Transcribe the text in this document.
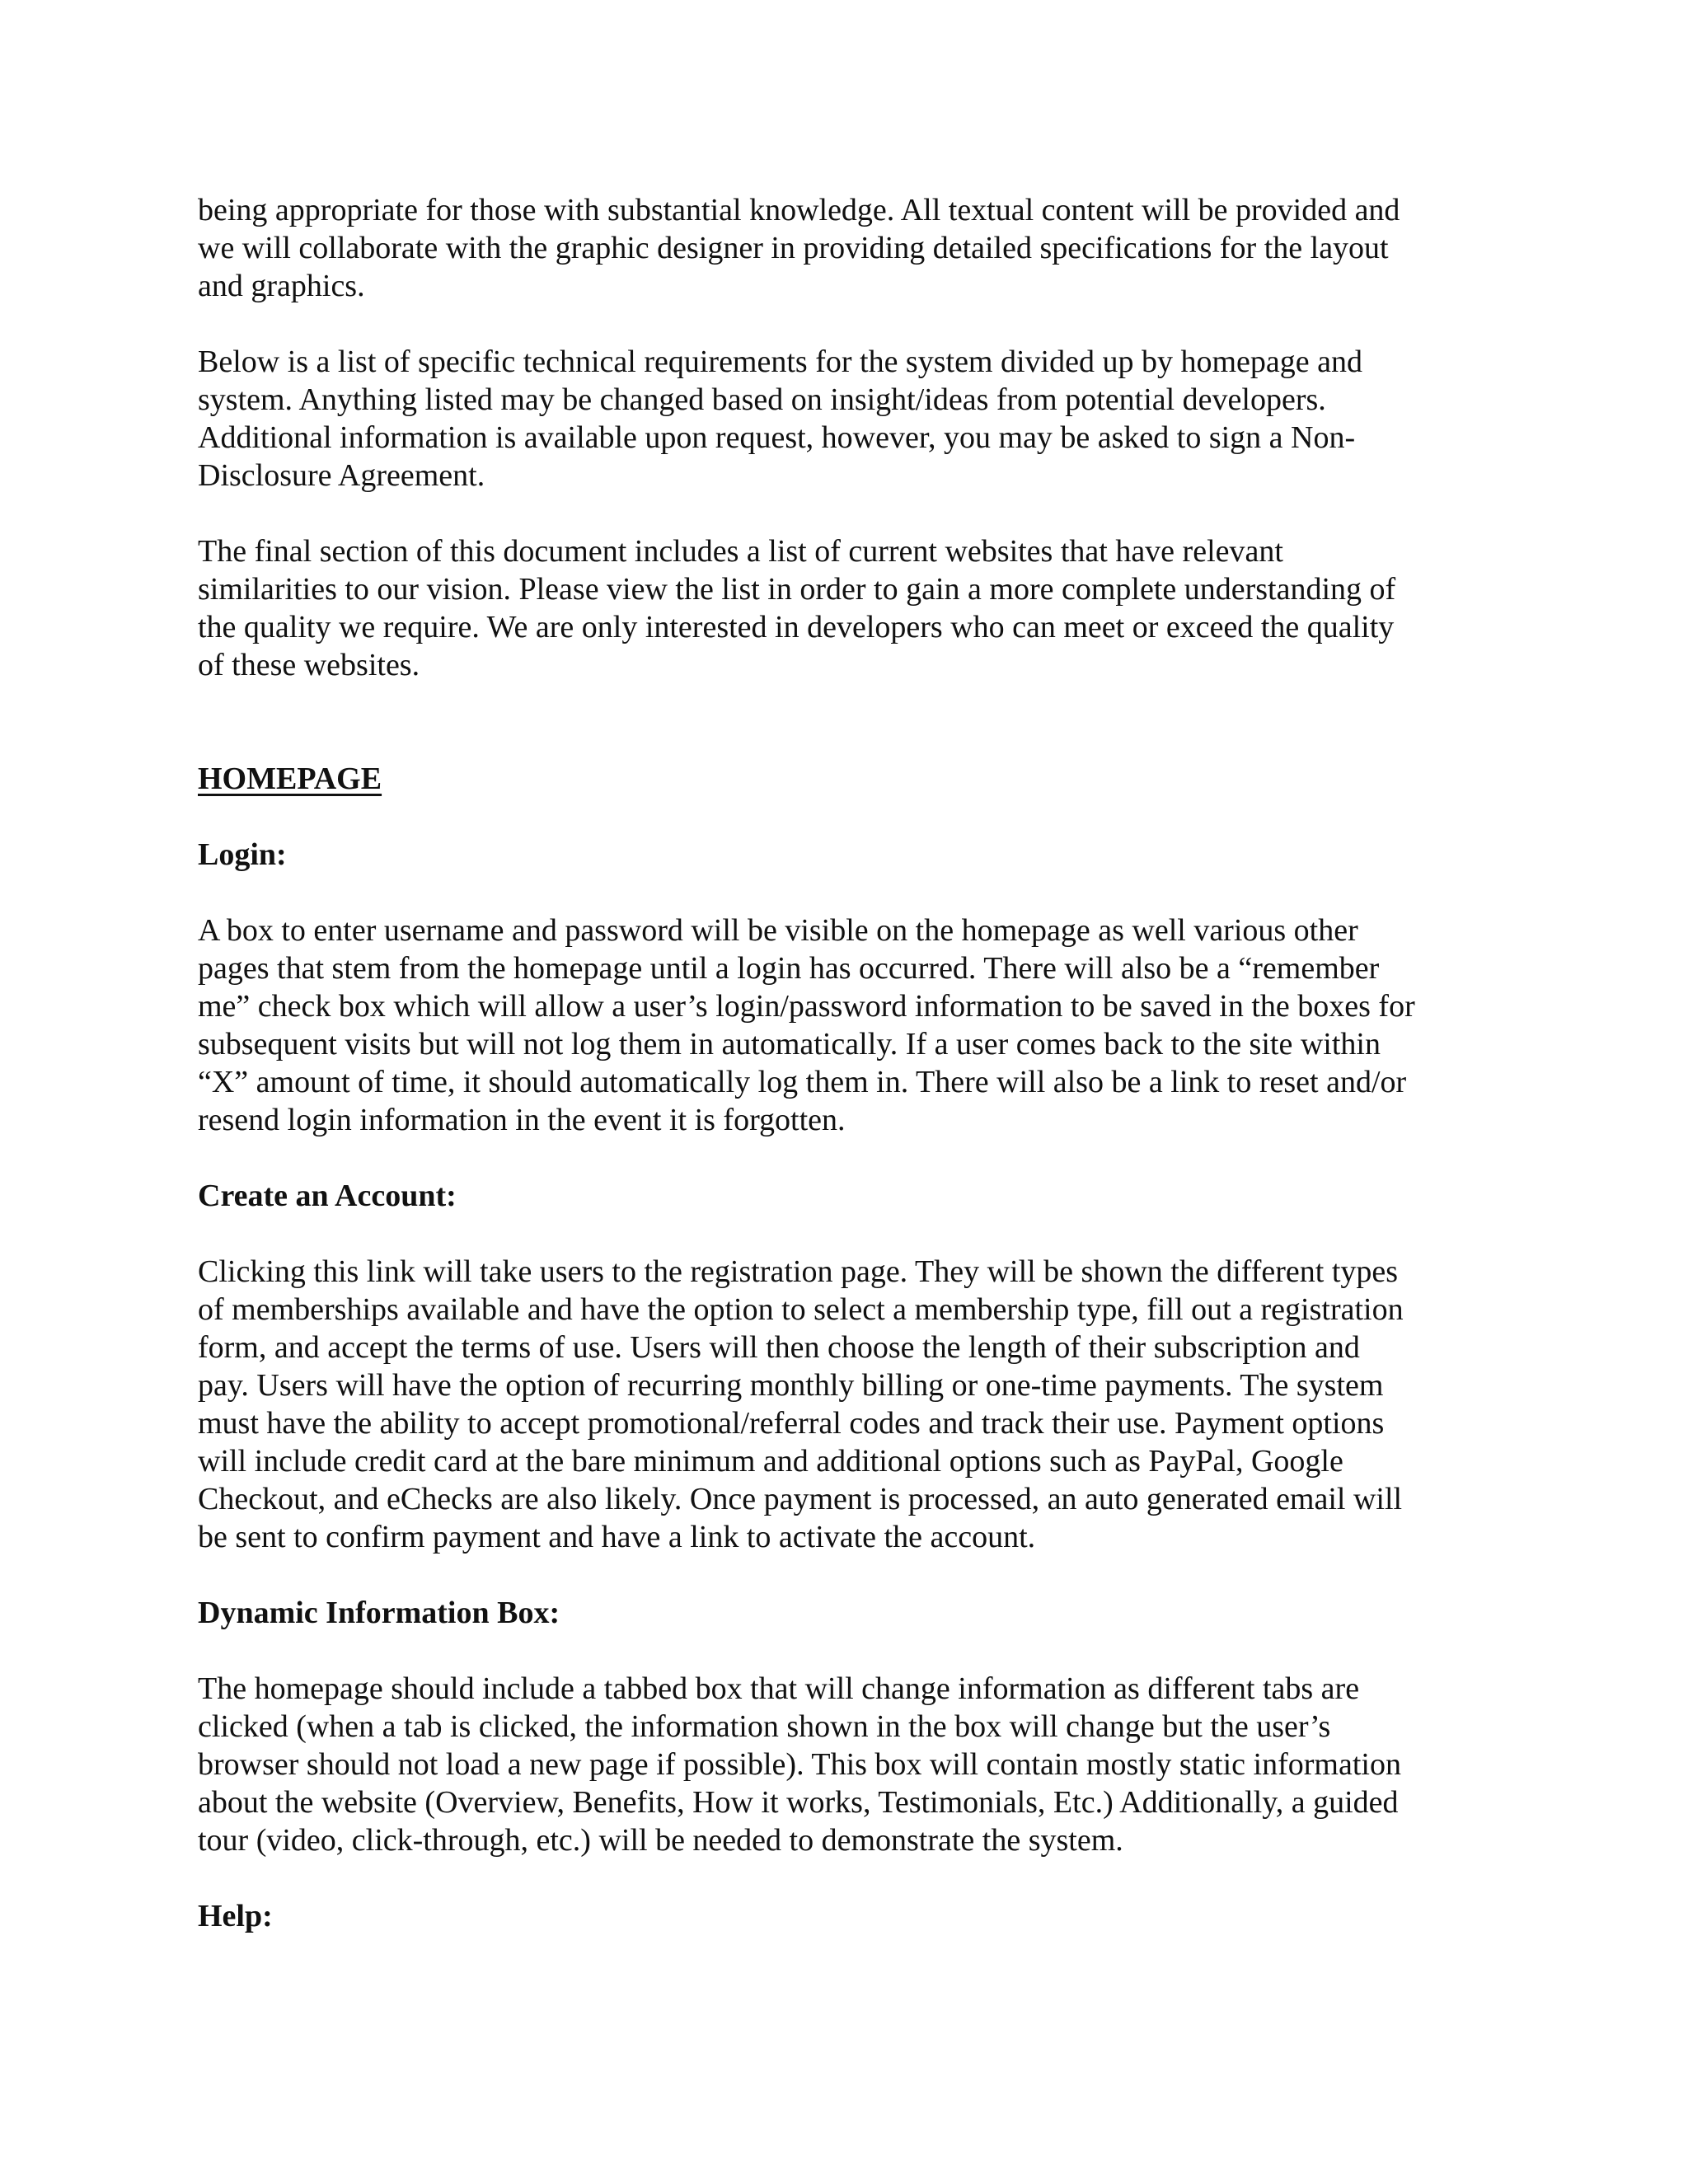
being appropriate for those with substantial knowledge. All textual content will be provided and
we will collaborate with the graphic designer in providing detailed specifications for the layout
and graphics.

Below is a list of specific technical requirements for the system divided up by homepage and
system. Anything listed may be changed based on insight/ideas from potential developers.
Additional information is available upon request, however, you may be asked to sign a Non-
Disclosure Agreement.

The final section of this document includes a list of current websites that have relevant
similarities to our vision. Please view the list in order to gain a more complete understanding of
the quality we require. We are only interested in developers who can meet or exceed the quality
of these websites.

HOMEPAGE
Login:

A box to enter username and password will be visible on the homepage as well various other
pages that stem from the homepage until a login has occurred. There will also be a “remember
me” check box which will allow a user’s login/password information to be saved in the boxes for
subsequent visits but will not log them in automatically. If a user comes back to the site within
“X” amount of time, it should automatically log them in. There will also be a link to reset and/or
resend login information in the event it is forgotten.

Create an Account:

Clicking this link will take users to the registration page. They will be shown the different types
of memberships available and have the option to select a membership type, fill out a registration
form, and accept the terms of use. Users will then choose the length of their subscription and
pay. Users will have the option of recurring monthly billing or one-time payments. The system
must have the ability to accept promotional/referral codes and track their use. Payment options
will include credit card at the bare minimum and additional options such as PayPal, Google
Checkout, and eChecks are also likely. Once payment is processed, an auto generated email will
be sent to confirm payment and have a link to activate the account.

Dynamic Information Box:

The homepage should include a tabbed box that will change information as different tabs are
clicked (when a tab is clicked, the information shown in the box will change but the user’s
browser should not load a new page if possible). This box will contain mostly static information
about the website (Overview, Benefits, How it works, Testimonials, Etc.) Additionally, a guided
tour (video, click-through, etc.) will be needed to demonstrate the system.

Help:
